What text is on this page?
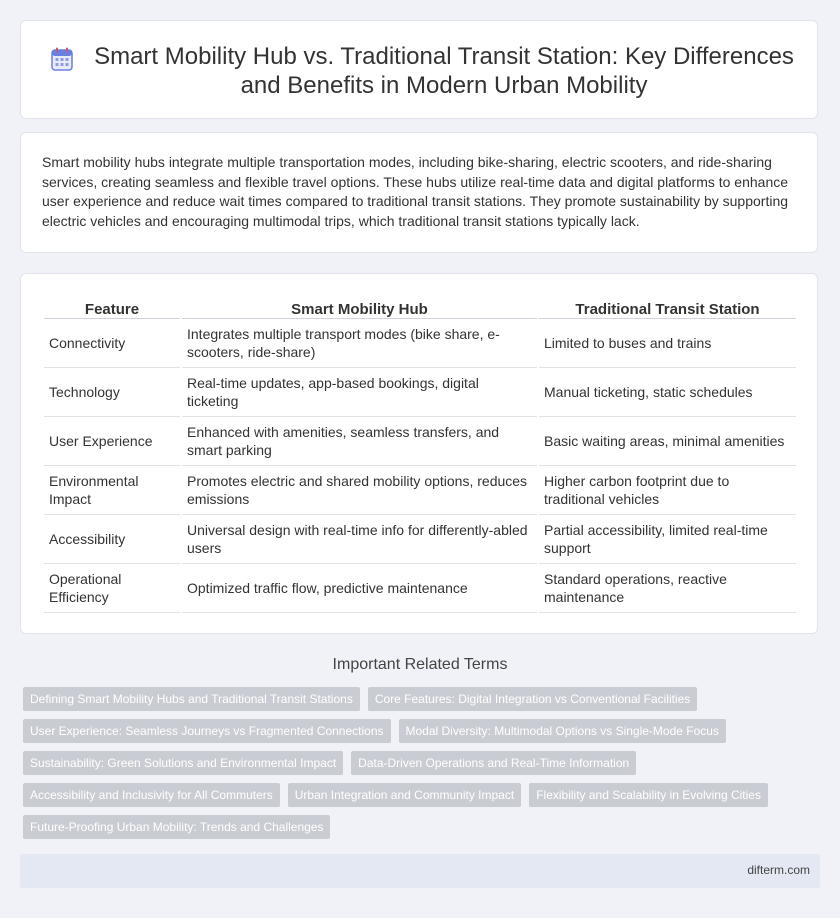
Smart Mobility Hub vs. Traditional Transit Station: Key Differences and Benefits in Modern Urban Mobility

Smart mobility hubs integrate multiple transportation modes, including bike-sharing, electric scooters, and ride-sharing services, creating seamless and flexible travel options. These hubs utilize real-time data and digital platforms to enhance user experience and reduce wait times compared to traditional transit stations. They promote sustainability by supporting electric vehicles and encouraging multimodal trips, which traditional transit stations typically lack.

Feature	Smart Mobility Hub	Traditional Transit Station
Connectivity	Integrates multiple transport modes (bike share, e-scooters, ride-share)	Limited to buses and trains
Technology	Real-time updates, app-based bookings, digital ticketing	Manual ticketing, static schedules
User Experience	Enhanced with amenities, seamless transfers, and smart parking	Basic waiting areas, minimal amenities
Environmental Impact	Promotes electric and shared mobility options, reduces emissions	Higher carbon footprint due to traditional vehicles
Accessibility	Universal design with real-time info for differently-abled users	Partial accessibility, limited real-time support
Operational Efficiency	Optimized traffic flow, predictive maintenance	Standard operations, reactive maintenance
Important Related Terms
Defining Smart Mobility Hubs and Traditional Transit Stations	Core Features: Digital Integration vs Conventional Facilities
User Experience: Seamless Journeys vs Fragmented Connections	Modal Diversity: Multimodal Options vs Single-Mode Focus
Sustainability: Green Solutions and Environmental Impact	Data-Driven Operations and Real-Time Information
Accessibility and Inclusivity for All Commuters	Urban Integration and Community Impact	Flexibility and Scalability in Evolving Cities
Future-Proofing Urban Mobility: Trends and Challenges
difterm.com
